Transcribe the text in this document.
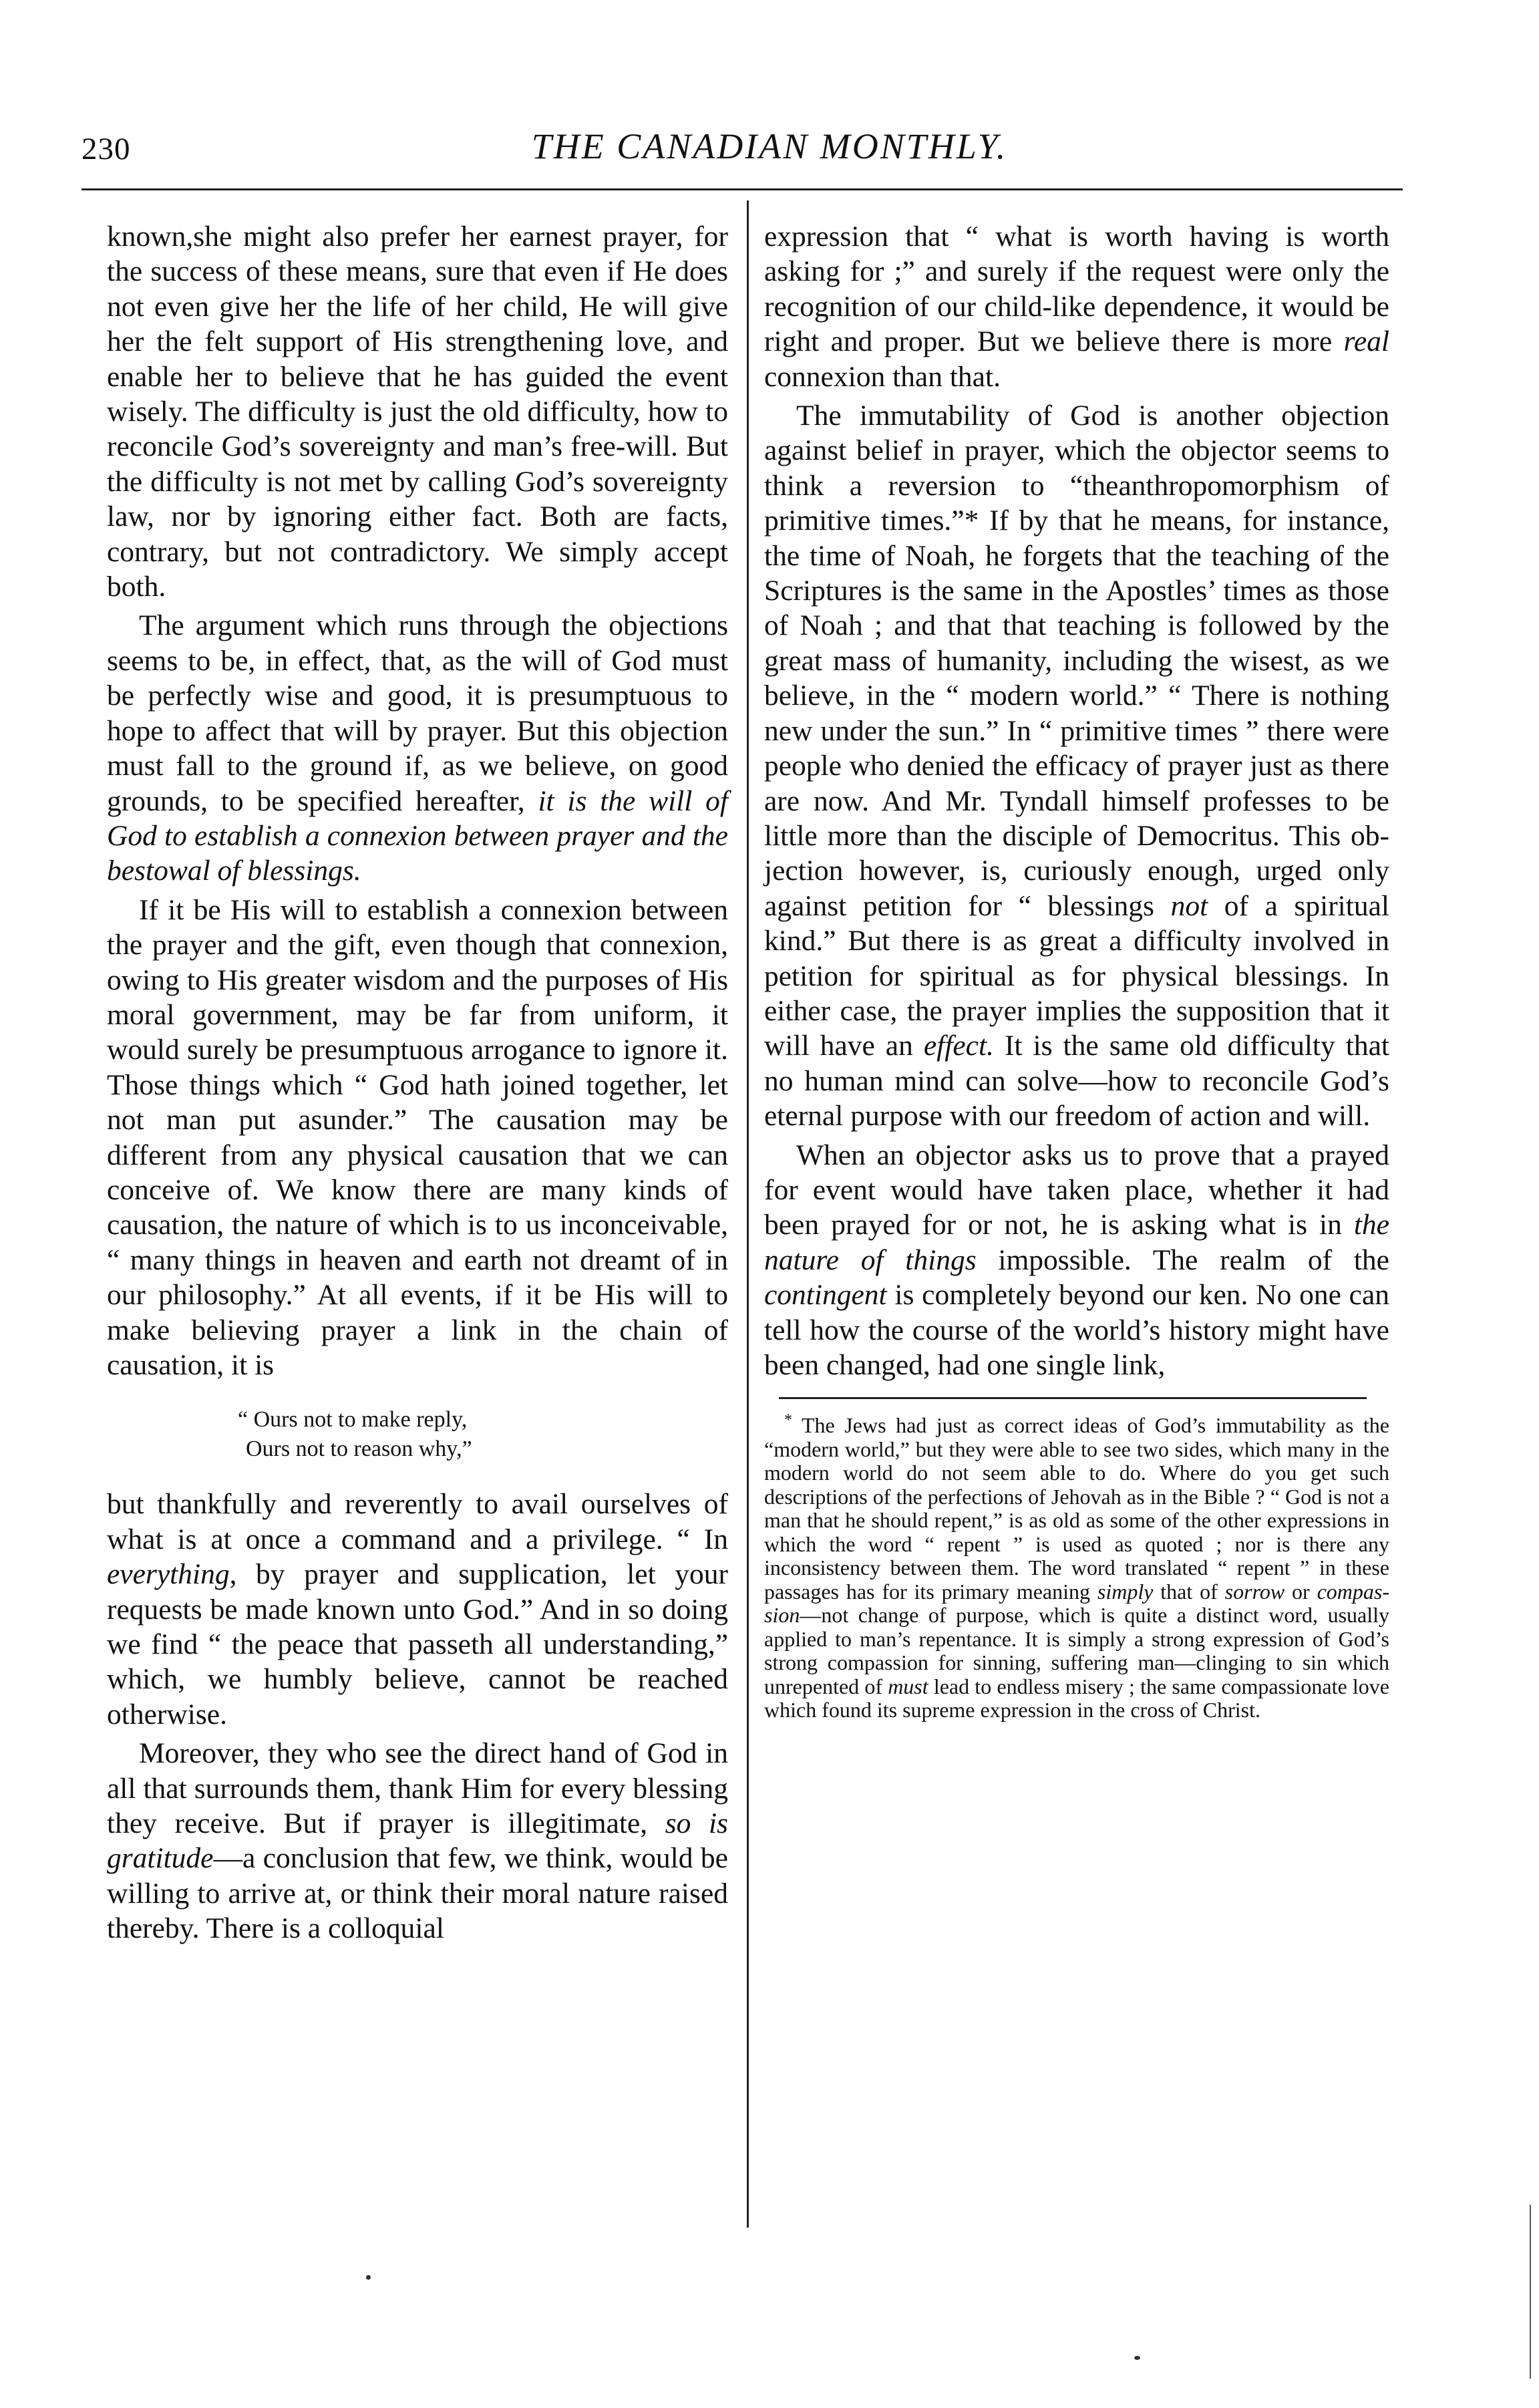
230	THE CANADIAN MONTHLY.

known,she might also prefer her earnest prayer, for the success of these means, sure that even if He does not even give her the life of her child, He will give her the felt support of His strengthening love, and enable her to believe that he has guided the event wisely. The difficulty is just the old difficulty, how to reconcile God’s sovereignty and man’s free-will. But the difficulty is not met by calling God’s sovereignty law, nor by ignoring either fact. Both are facts, contrary, but not contradictory. We simply accept both.

The argument which runs through the objections seems to be, in effect, that, as the will of God must be perfectly wise and good, it is presumptuous to hope to affect that will by prayer. But this objection must fall to the ground if, as we believe, on good grounds, to be specified hereafter, it is the will of God to establish a connexion between prayer and the bestowal of blessings.

If it be His will to establish a connexion between the prayer and the gift, even though that connexion, owing to His greater wisdom and the purposes of His moral government, may be far from uniform, it would surely be presumptuous arrogance to ignore it. Those things which “ God hath joined together, let not man put asunder.” The causation may be different from any physical causation that we can conceive of. We know there are many kinds of causation, the nature of which is to us inconceivable, “ many things in heaven and earth not dreamt of in our philosophy.” At all events, if it be His will to make believing prayer a link in the chain of causation, it is

“ Ours not to make reply,
Ours not to reason why,”

but thankfully and reverently to avail ourselves of what is at once a command and a privilege. “ In everything, by prayer and supplication, let your requests be made known unto God.” And in so doing we find “ the peace that passeth all understanding,” which, we humbly believe, cannot be reached otherwise.

Moreover, they who see the direct hand of God in all that surrounds them, thank Him for every blessing they receive. But if prayer is illegitimate, so is gratitude—a conclusion that few, we think, would be willing to arrive at, or think their moral nature raised thereby. There is a colloquial

expression that “ what is worth having is worth asking for ;” and surely if the request were only the recognition of our child-like dependence, it would be right and proper. But we believe there is more real connexion than that.

The immutability of God is another objection against belief in prayer, which the objector seems to think a reversion to “theanthropomorphism of primitive times.”* If by that he means, for instance, the time of Noah, he forgets that the teaching of the Scriptures is the same in the Apostles’ times as those of Noah ; and that that teaching is followed by the great mass of humanity, including the wisest, as we believe, in the “ modern world.” “ There is nothing new under the sun.” In “ primitive times ” there were people who denied the efficacy of prayer just as there are now. And Mr. Tyndall himself professes to be little more than the disciple of Democritus. This objection however, is, curiously enough, urged only against petition for “ blessings not of a spiritual kind.” But there is as great a difficulty involved in petition for spiritual as for physical blessings. In either case, the prayer implies the supposition that it will have an effect. It is the same old difficulty that no human mind can solve—how to reconcile God’s eternal purpose with our freedom of action and will.

When an objector asks us to prove that a prayed for event would have taken place, whether it had been prayed for or not, he is asking what is in the nature of things impossible. The realm of the contingent is completely beyond our ken. No one can tell how the course of the world’s history might have been changed, had one single link,

* The Jews had just as correct ideas of God’s immutability as the “modern world,” but they were able to see two sides, which many in the modern world do not seem able to do. Where do you get such descriptions of the perfections of Jehovah as in the Bible ? “ God is not a man that he should repent,” is as old as some of the other expressions in which the word “ repent ” is used as quoted ; nor is there any inconsistency between them. The word translated “ repent ” in these passages has for its primary meaning simply that of sorrow or compassion—not change of purpose, which is quite a distinct word, usually applied to man’s repentance. It is simply a strong expression of God’s strong compassion for sinning, suffering man—clinging to sin which unrepented of must lead to endless misery ; the same compassionate love which found its supreme expression in the cross of Christ.
